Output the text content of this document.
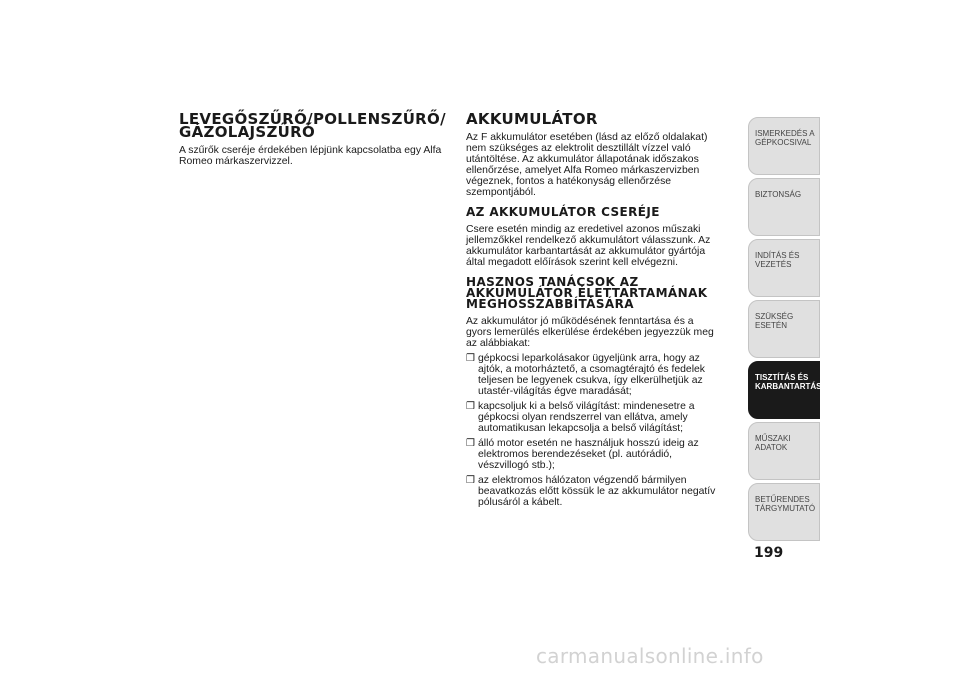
LEVEGŐSZŰRŐ/POLLENSZŰRŐ/ GÁZOLAJSZŰRŐ

A szűrők cseréje érdekében lépjünk kapcsolatba egy Alfa Romeo márkaszervizzel.

AKKUMULÁTOR

Az F akkumulátor esetében (lásd az előző oldalakat) nem szükséges az elektrolit desztillált vízzel való utántöltése. Az akkumulátor állapotának időszakos ellenőrzése, amelyet Alfa Romeo márkaszervizben végeznek, fontos a hatékonyság ellenőrzése szempontjából.

AZ AKKUMULÁTOR CSERÉJE

Csere esetén mindig az eredetivel azonos műszaki jellemzőkkel rendelkező akkumulátort válasszunk. Az akkumulátor karbantartását az akkumulátor gyártója által megadott előírások szerint kell elvégezni.

HASZNOS TANÁCSOK AZ AKKUMULÁTOR ÉLETTARTAMÁNAK MEGHOSSZABBÍTÁSÁRA

Az akkumulátor jó működésének fenntartása és a gyors lemerülés elkerülése érdekében jegyezzük meg az alábbiakat:

❒ gépkocsi leparkolásakor ügyeljünk arra, hogy az ajtók, a motorháztető, a csomagtérajtó és fedelek teljesen be legyenek csukva, így elkerülhetjük az utastér-világítás égve maradását;
❒ kapcsoljuk ki a belső világítást: mindenesetre a gépkocsi olyan rendszerrel van ellátva, amely automatikusan lekapcsolja a belső világítást;
❒ álló motor esetén ne használjuk hosszú ideig az elektromos berendezéseket (pl. autórádió, vészvillogó stb.);
❒ az elektromos hálózaton végzendő bármilyen beavatkozás előtt kössük le az akkumulátor negatív pólusáról a kábelt.
ISMERKEDÉS A GÉPKOCSIVAL
BIZTONSÁG
INDÍTÁS ÉS VEZETÉS
SZÜKSÉG ESETÉN
TISZTÍTÁS ÉS KARBANTARTÁS
MŰSZAKI ADATOK
BETŰRENDES TÁRGYMUTATÓ
199
carmanualsonline.info
